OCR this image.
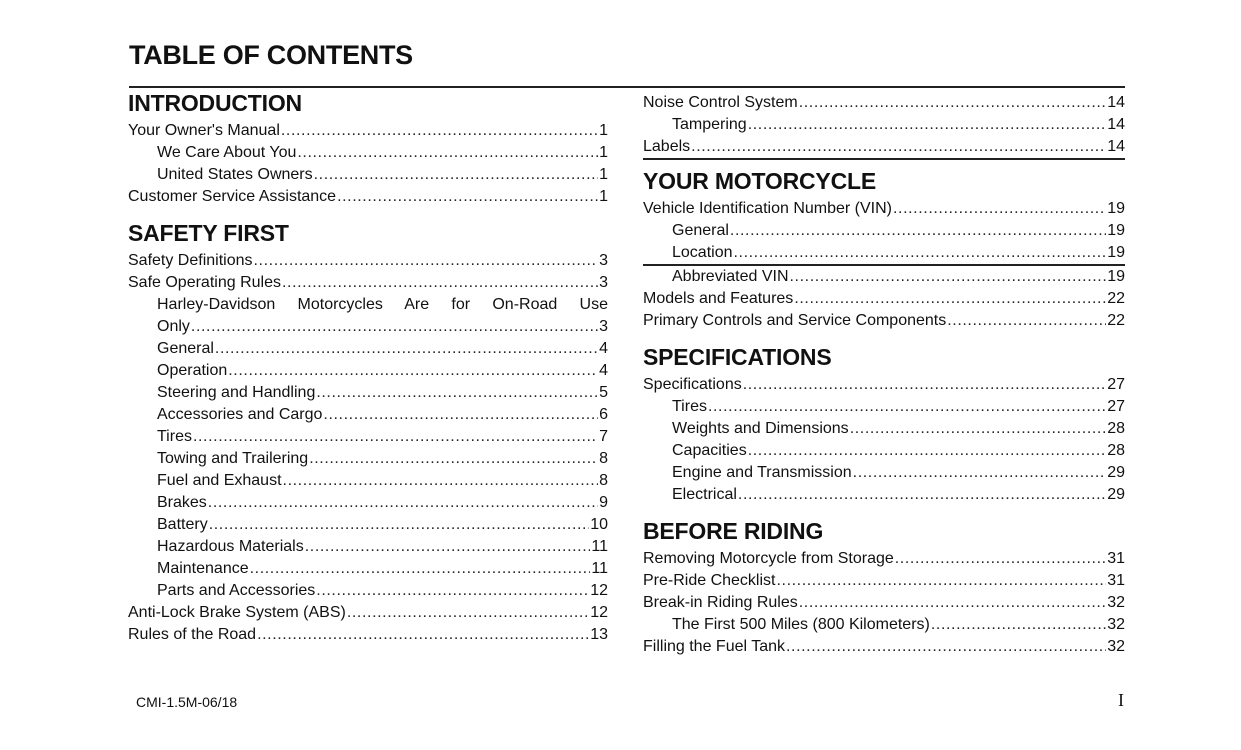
TABLE OF CONTENTS
INTRODUCTION
Your Owner's Manual .....	1
We Care About You .....	1
United States Owners .....	1
Customer Service Assistance .....	1
SAFETY FIRST
Safety Definitions .....	3
Safe Operating Rules .....	3
Harley-Davidson Motorcycles Are for On-Road Use
Only .....	3
General .....	4
Operation .....	4
Steering and Handling .....	5
Accessories and Cargo .....	6
Tires .....	7
Towing and Trailering .....	8
Fuel and Exhaust .....	8
Brakes .....	9
Battery .....	10
Hazardous Materials .....	11
Maintenance .....	11
Parts and Accessories .....	12
Anti-Lock Brake System (ABS) .....	12
Rules of the Road .....	13
Noise Control System .....	14
Tampering .....	14
Labels .....	14
YOUR MOTORCYCLE
Vehicle Identification Number (VIN) .....	19
General .....	19
Location .....	19
Abbreviated VIN .....	19
Models and Features .....	22
Primary Controls and Service Components .....	22
SPECIFICATIONS
Specifications .....	27
Tires .....	27
Weights and Dimensions .....	28
Capacities .....	28
Engine and Transmission .....	29
Electrical .....	29
BEFORE RIDING
Removing Motorcycle from Storage .....	31
Pre-Ride Checklist .....	31
Break-in Riding Rules .....	32
The First 500 Miles (800 Kilometers) .....	32
Filling the Fuel Tank .....	32
CMI-1.5M-06/18	I
